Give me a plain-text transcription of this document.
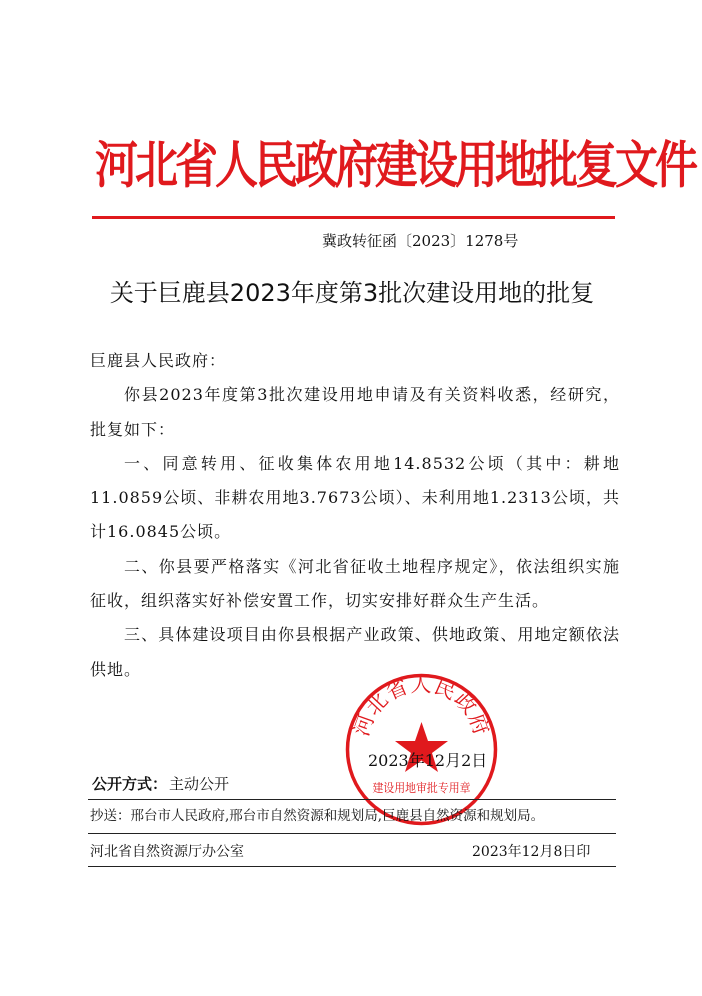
河北省人民政府建设用地批复文件
冀政转征函〔2023〕1278号
关于巨鹿县2023年度第3批次建设用地的批复

巨鹿县人民政府：

你县2023年度第3批次建设用地申请及有关资料收悉，经研究，批复如下：

一、同意转用、征收集体农用地14.8532公顷（其中：耕地11.0859公顷、非耕农用地3.7673公顷）、未利用地1.2313公顷，共计16.0845公顷。

二、你县要严格落实《河北省征收土地程序规定》，依法组织实施征收，组织落实好补偿安置工作，切实安排好群众生产生活。

三、具体建设项目由你县根据产业政策、供地政策、用地定额依法供地。

河北省人民政府
建设用地审批专用章
2023年12月2日
公开方式： 主动公开
抄送：邢台市人民政府,邢台市自然资源和规划局,巨鹿县自然资源和规划局。
河北省自然资源厅办公室	2023年12月8日印
